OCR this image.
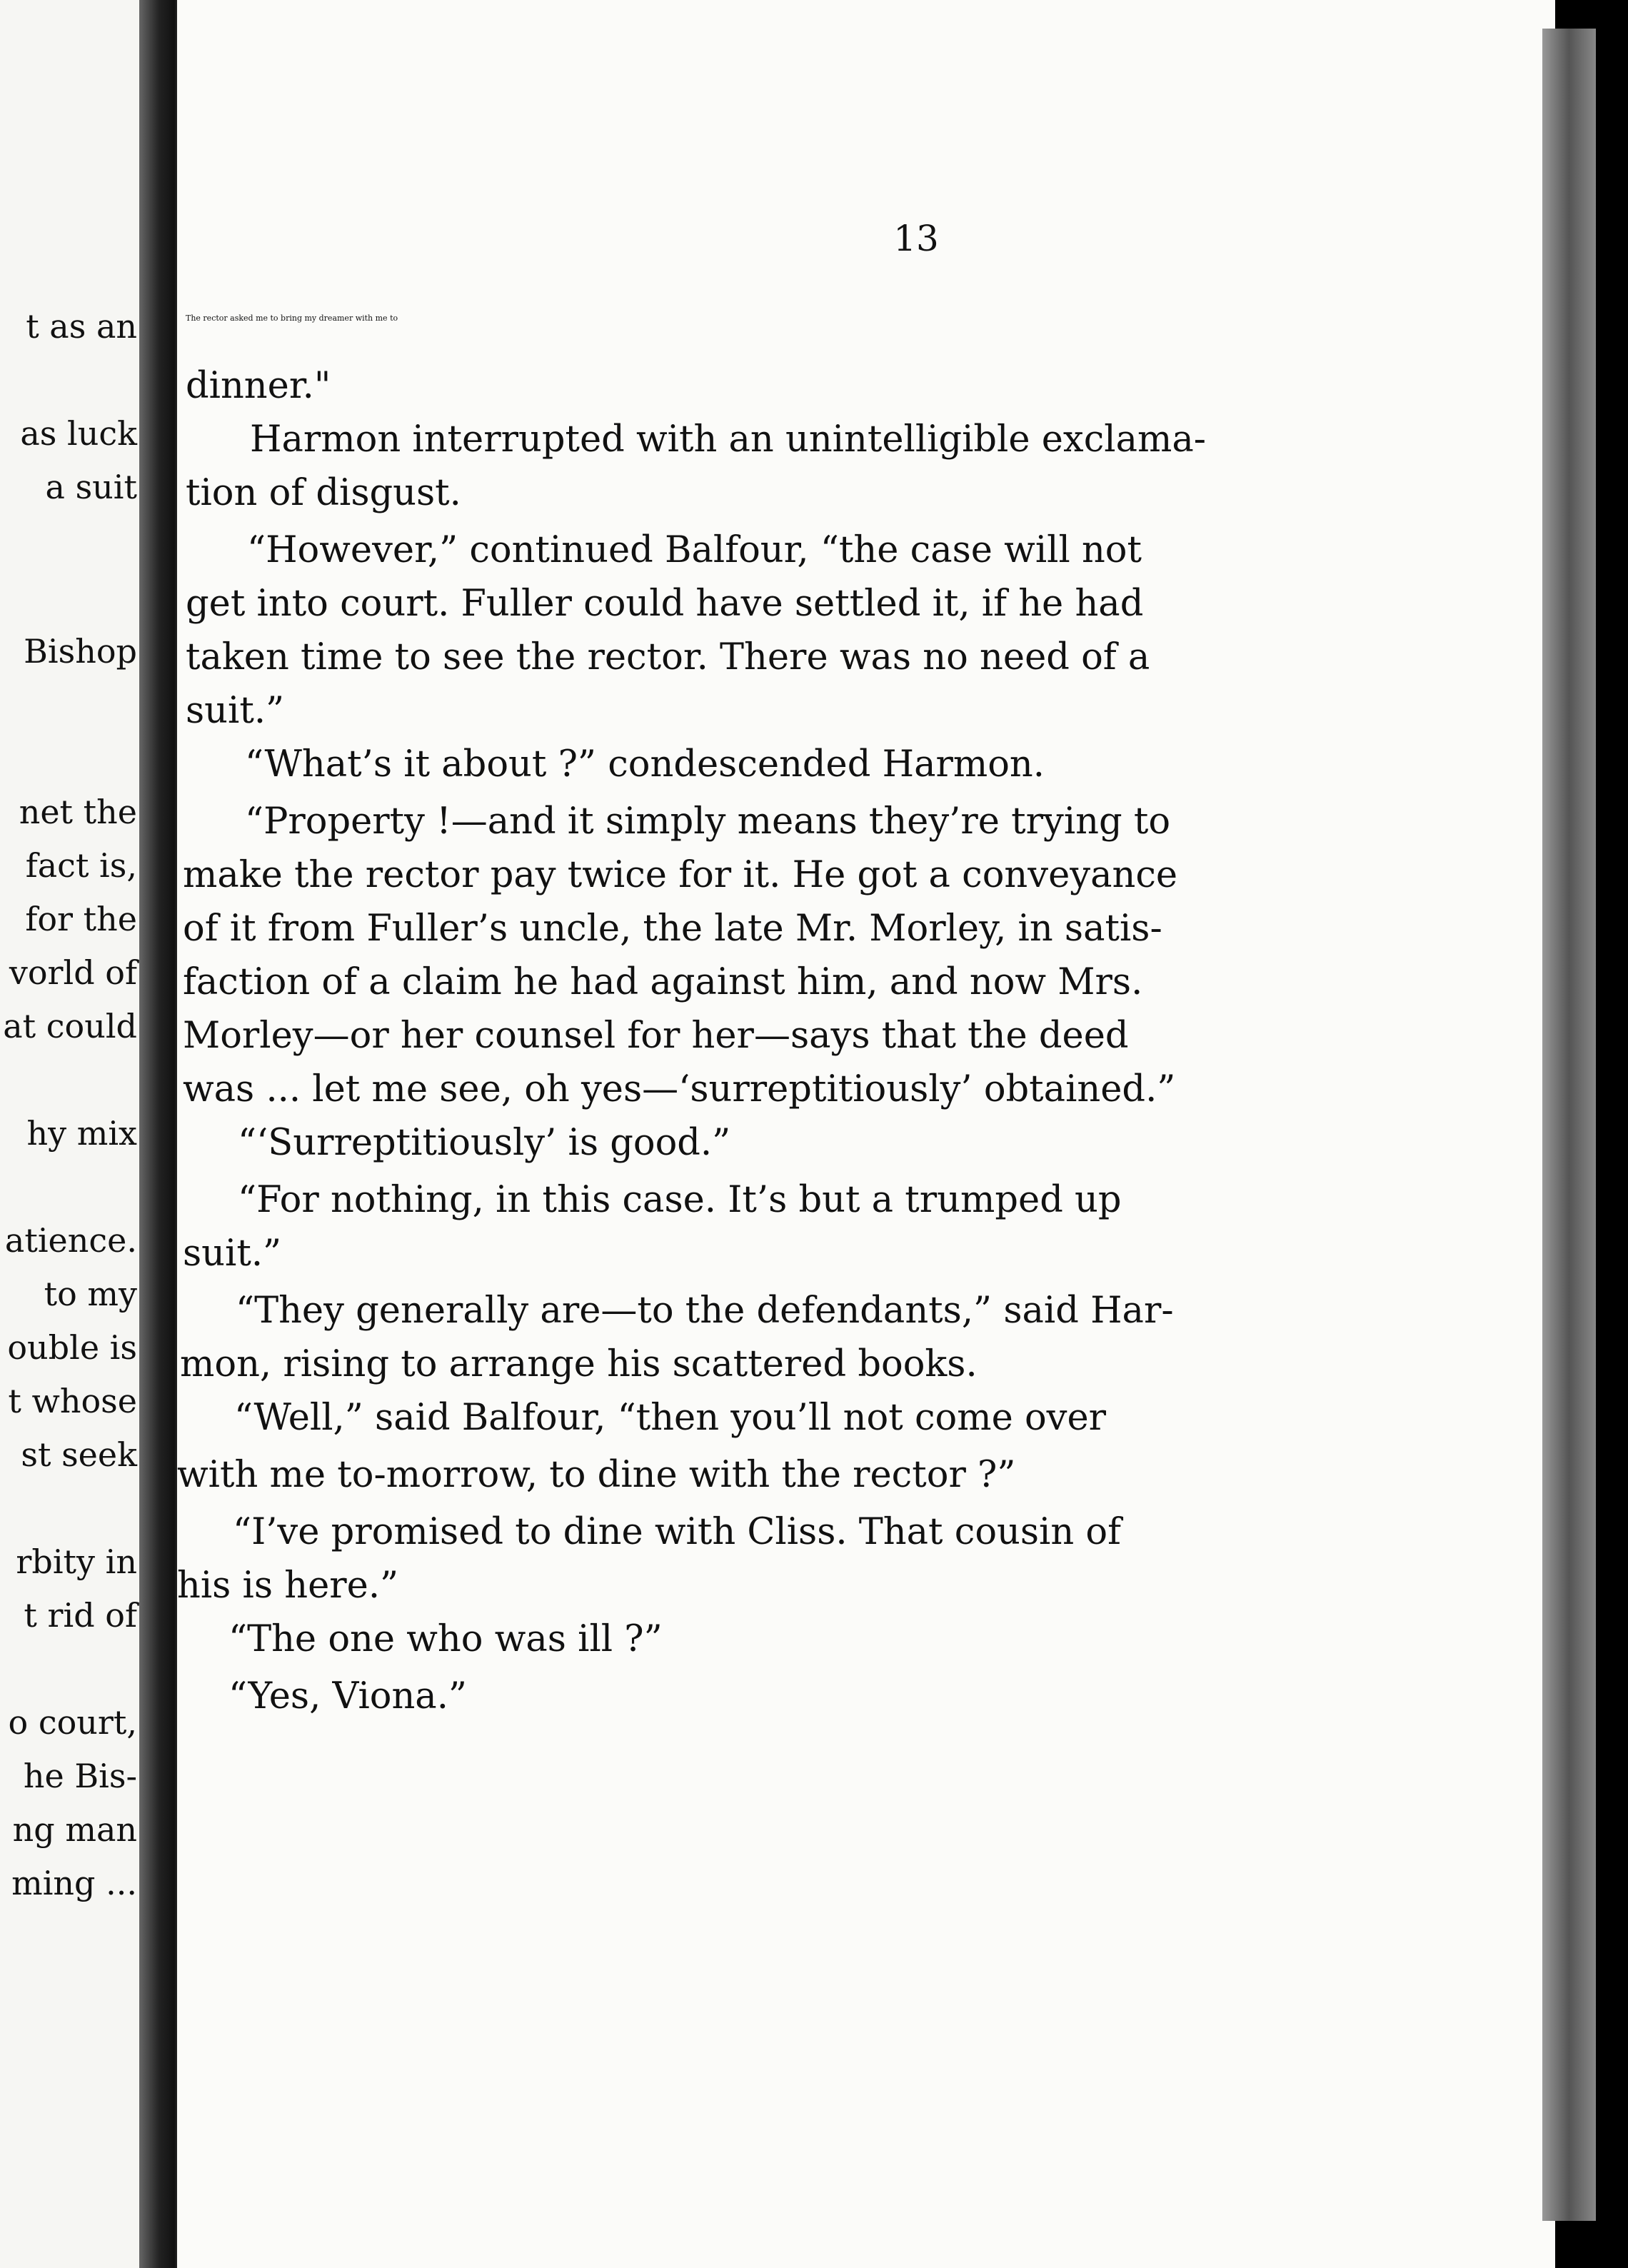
t as an
as luck
a suit
Bishop
net the
fact is,
for the
vorld of
at could
hy mix
atience.
to my
ouble is
t whose
st seek
rbity in
t rid of
o court,
he Bis-
ng man
ming ...
13
The rector asked me to bring my dreamer with me to
dinner."
Harmon interrupted with an unintelligible exclama-
tion of disgust.
“However,” continued Balfour, “the case will not
get into court. Fuller could have settled it, if he had
taken time to see the rector. There was no need of a
suit.”
“What’s it about ?” condescended Harmon.
“Property !—and it simply means they’re trying to
make the rector pay twice for it. He got a conveyance
of it from Fuller’s uncle, the late Mr. Morley, in satis-
faction of a claim he had against him, and now Mrs.
Morley—or her counsel for her—says that the deed
was ... let me see, oh yes—‘surreptitiously’ obtained.”
“‘Surreptitiously’ is good.”
“For nothing, in this case. It’s but a trumped up
suit.”
“They generally are—to the defendants,” said Har-
mon, rising to arrange his scattered books.
“Well,” said Balfour, “then you’ll not come over
with me to-morrow, to dine with the rector ?”
“I’ve promised to dine with Cliss. That cousin of
his is here.”
“The one who was ill ?”
“Yes, Viona.”
